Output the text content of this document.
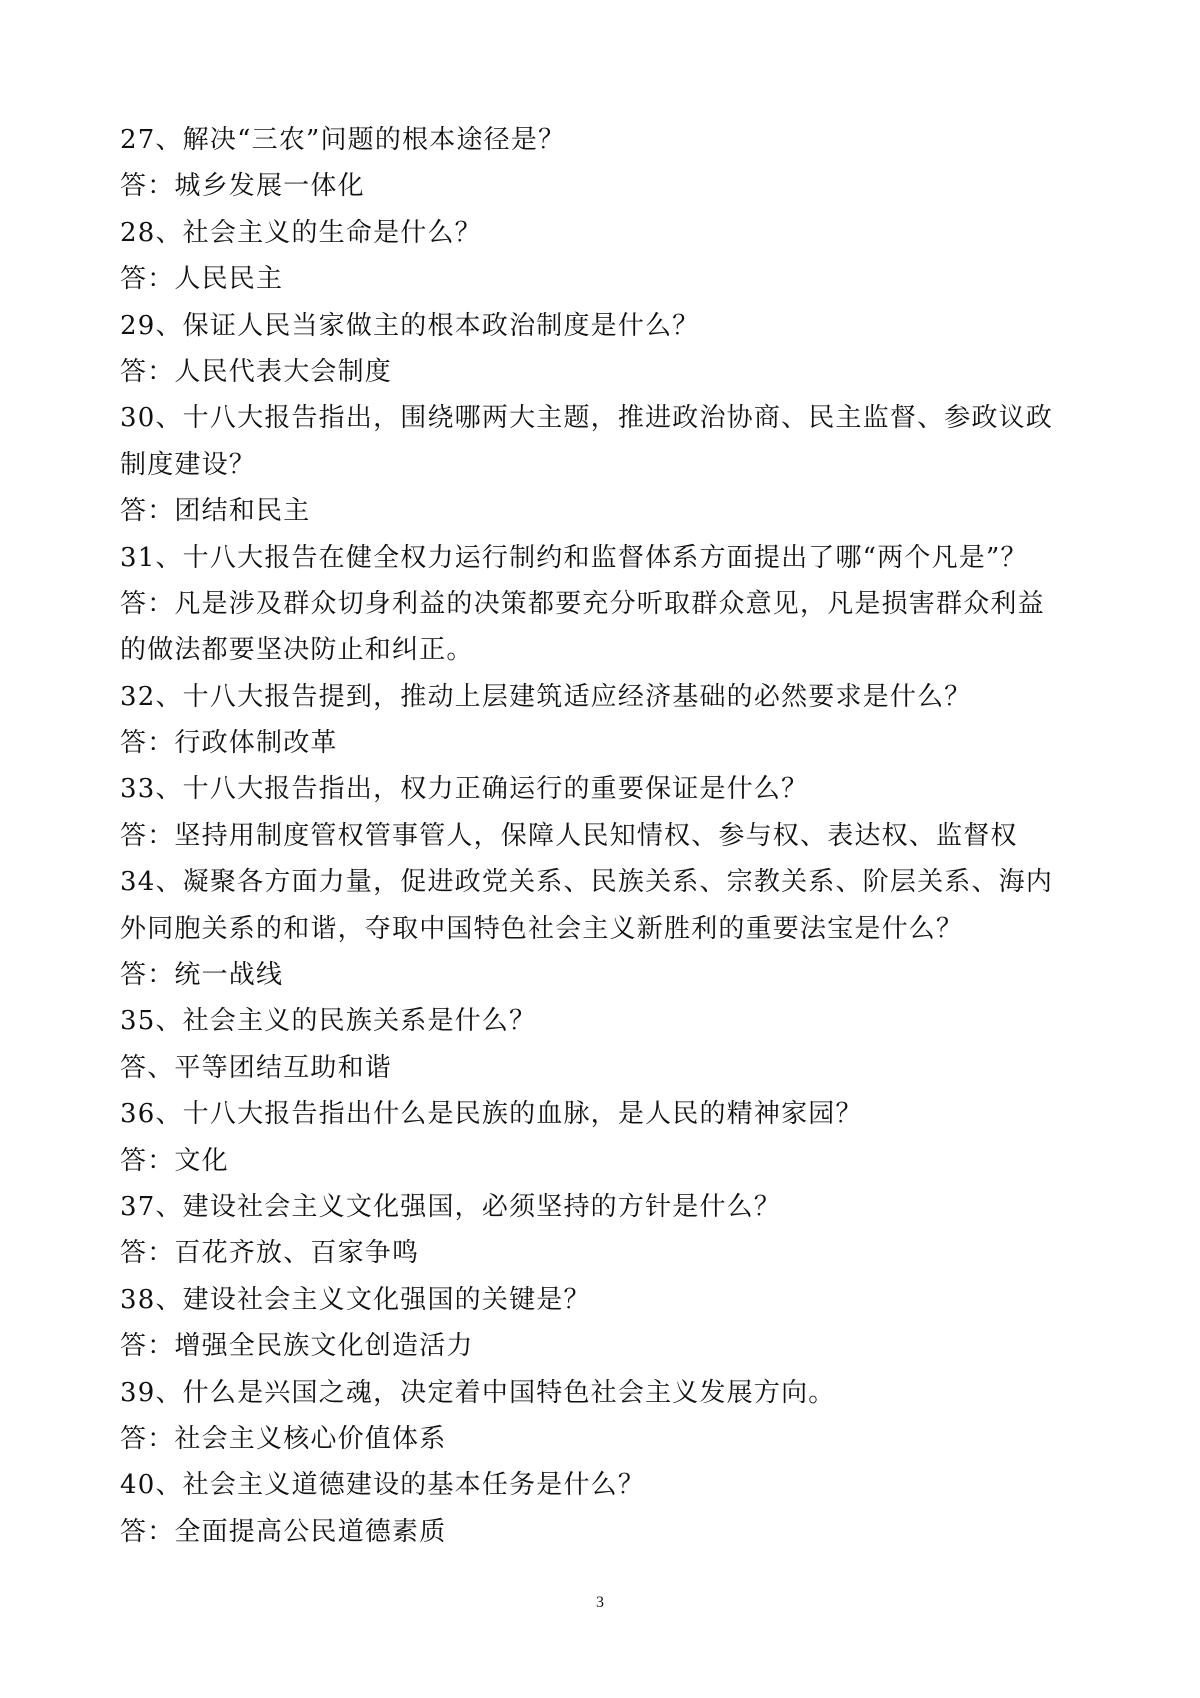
27、解决“三农”问题的根本途径是？
答：城乡发展一体化
28、社会主义的生命是什么？
答：人民民主
29、保证人民当家做主的根本政治制度是什么？
答：人民代表大会制度
30、十八大报告指出，围绕哪两大主题，推进政治协商、民主监督、参政议政
制度建设？
答：团结和民主
31、十八大报告在健全权力运行制约和监督体系方面提出了哪“两个凡是”？
答：凡是涉及群众切身利益的决策都要充分听取群众意见，凡是损害群众利益
的做法都要坚决防止和纠正。
32、十八大报告提到，推动上层建筑适应经济基础的必然要求是什么？
答：行政体制改革
33、十八大报告指出，权力正确运行的重要保证是什么？
答：坚持用制度管权管事管人，保障人民知情权、参与权、表达权、监督权
34、凝聚各方面力量，促进政党关系、民族关系、宗教关系、阶层关系、海内
外同胞关系的和谐，夺取中国特色社会主义新胜利的重要法宝是什么？
答：统一战线
35、社会主义的民族关系是什么？
答、平等团结互助和谐
36、十八大报告指出什么是民族的血脉，是人民的精神家园？
答：文化
37、建设社会主义文化强国，必须坚持的方针是什么？
答：百花齐放、百家争鸣
38、建设社会主义文化强国的关键是？
答：增强全民族文化创造活力
39、什么是兴国之魂，决定着中国特色社会主义发展方向。
答：社会主义核心价值体系
40、社会主义道德建设的基本任务是什么？
答：全面提高公民道德素质
3
